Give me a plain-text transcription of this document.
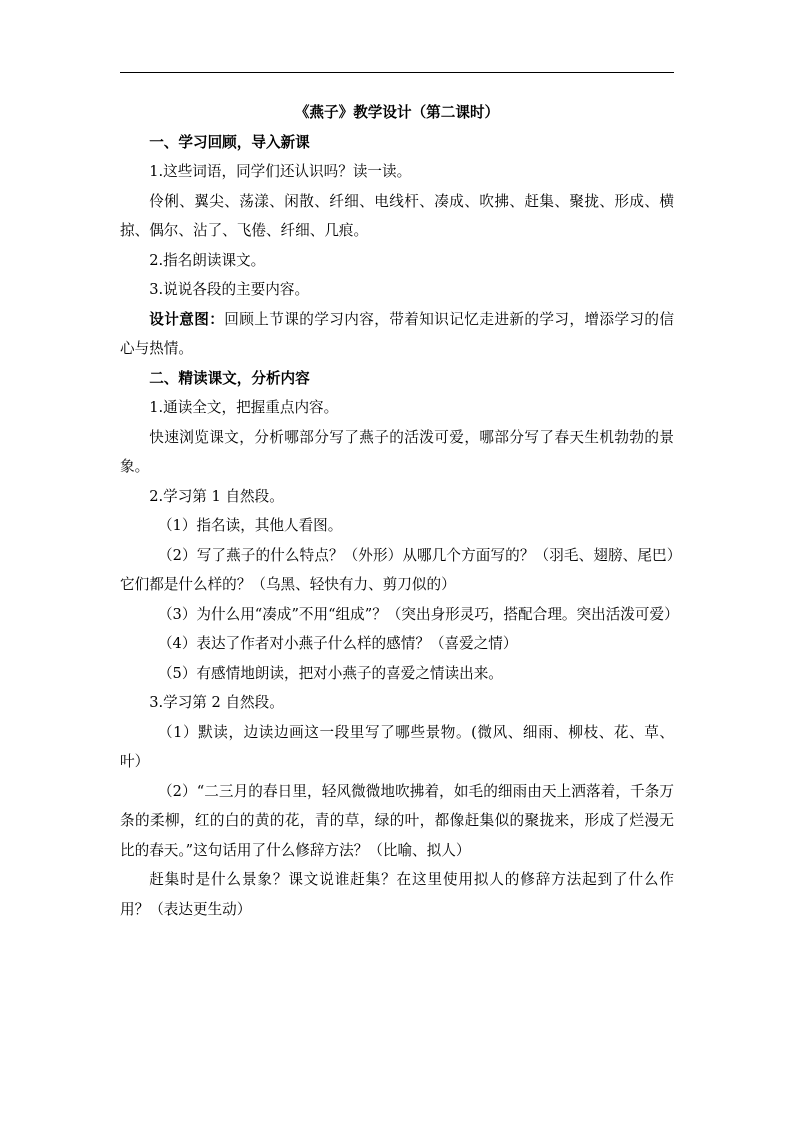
《燕子》教学设计（第二课时）

一、学习回顾，导入新课

1.这些词语，同学们还认识吗？读一读。

伶俐、翼尖、荡漾、闲散、纤细、电线杆、凑成、吹拂、赶集、聚拢、形成、横掠、偶尔、沾了、飞倦、纤细、几痕。

2.指名朗读课文。

3.说说各段的主要内容。

设计意图：回顾上节课的学习内容，带着知识记忆走进新的学习，增添学习的信心与热情。

二、精读课文，分析内容

1.通读全文，把握重点内容。

快速浏览课文，分析哪部分写了燕子的活泼可爱，哪部分写了春天生机勃勃的景象。

2.学习第 1 自然段。

（1）指名读，其他人看图。

（2）写了燕子的什么特点？（外形）从哪几个方面写的？（羽毛、翅膀、尾巴）它们都是什么样的？（乌黑、轻快有力、剪刀似的）

（3）为什么用“凑成”不用“组成”？（突出身形灵巧，搭配合理。突出活泼可爱）

（4）表达了作者对小燕子什么样的感情？（喜爱之情）

（5）有感情地朗读，把对小燕子的喜爱之情读出来。

3.学习第 2 自然段。

（1）默读，边读边画这一段里写了哪些景物。(微风、细雨、柳枝、花、草、叶）

（2）“二三月的春日里，轻风微微地吹拂着，如毛的细雨由天上洒落着，千条万条的柔柳，红的白的黄的花，青的草，绿的叶，都像赶集似的聚拢来，形成了烂漫无比的春天。”这句话用了什么修辞方法？（比喻、拟人）

赶集时是什么景象？课文说谁赶集？在这里使用拟人的修辞方法起到了什么作用？（表达更生动）
